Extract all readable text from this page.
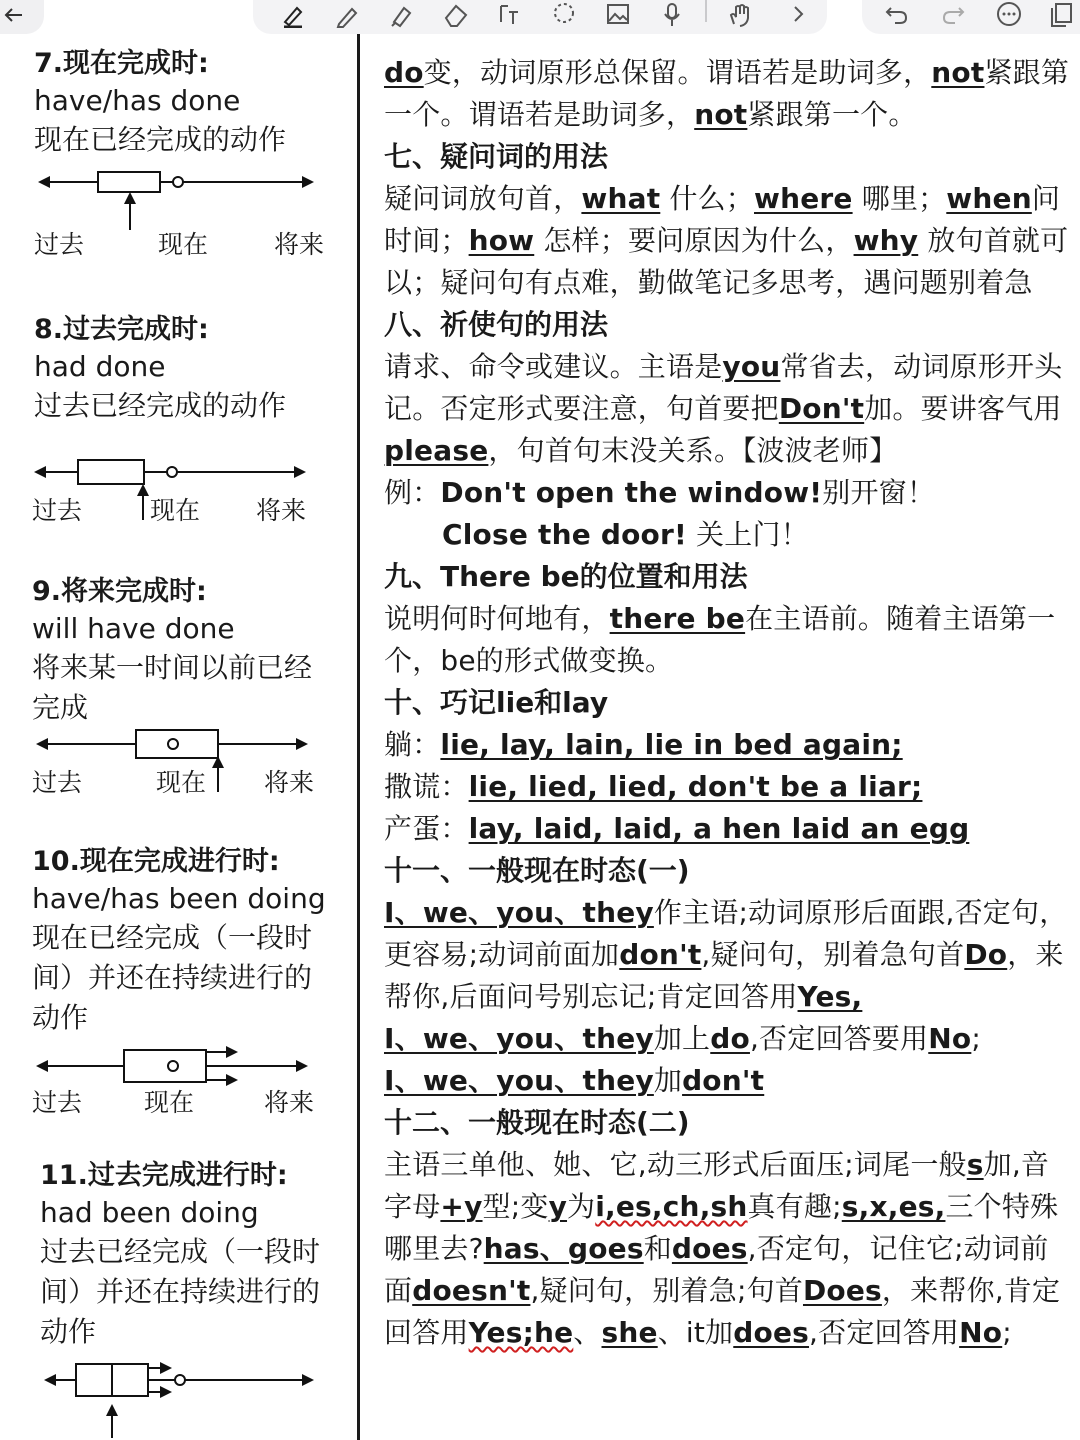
7.现在完成时:
have/has done
现在已经完成的动作
过去	现在	将来
8.过去完成时:
had done
过去已经完成的动作
过去	现在 将来
9.将来完成时:
will have done
将来某一时间以前已经完成
过去	现在 将来
10.现在完成进行时:
have/has been doing
现在已经完成（一段时间）并还在持续进行的动作
过去 现在	将来
11.过去完成进行时:
had been doing
过去已经完成（一段时间）并还在持续进行的动作
do变，动词原形总保留。谓语若是助词多，not紧跟第一个。谓语若是助词多，not紧跟第一个。
七、疑问词的用法
疑问词放句首，what 什么；where 哪里；when问时间；how 怎样；要问原因为什么，why 放句首就可以；疑问句有点难，勤做笔记多思考，遇问题别着急
八、祈使句的用法
请求、命令或建议。主语是you常省去，动词原形开头记。否定形式要注意，句首要把Don't加。要讲客气用please，句首句末没关系。【波波老师】
例：Don't open the window!别开窗！
Close the door! 关上门！
九、There be的位置和用法
说明何时何地有，there be在主语前。随着主语第一个，be的形式做变换。
十、巧记lie和lay
躺：lie, lay, lain, lie in bed again;
撒谎：lie, lied, lied, don't be a liar;
产蛋：lay, laid, laid, a hen laid an egg
十一、一般现在时态(一)
I、we、you、they作主语;动词原形后面跟,否定句，更容易;动词前面加don't,疑问句，别着急句首Do，来帮你,后面问号别忘记;肯定回答用Yes,
I、we、you、they加上do,否定回答要用No;
I、we、you、they加don't
十二、一般现在时态(二)
主语三单他、她、它,动三形式后面压;词尾一般s加,音字母+y型;变y为i,es,ch,sh真有趣;s,x,es,三个特殊哪里去?has、goes和does,否定句，记住它;动词前面doesn't,疑问句，别着急;句首Does，来帮你,肯定回答用Yes;he、she、it加does,否定回答用No;
